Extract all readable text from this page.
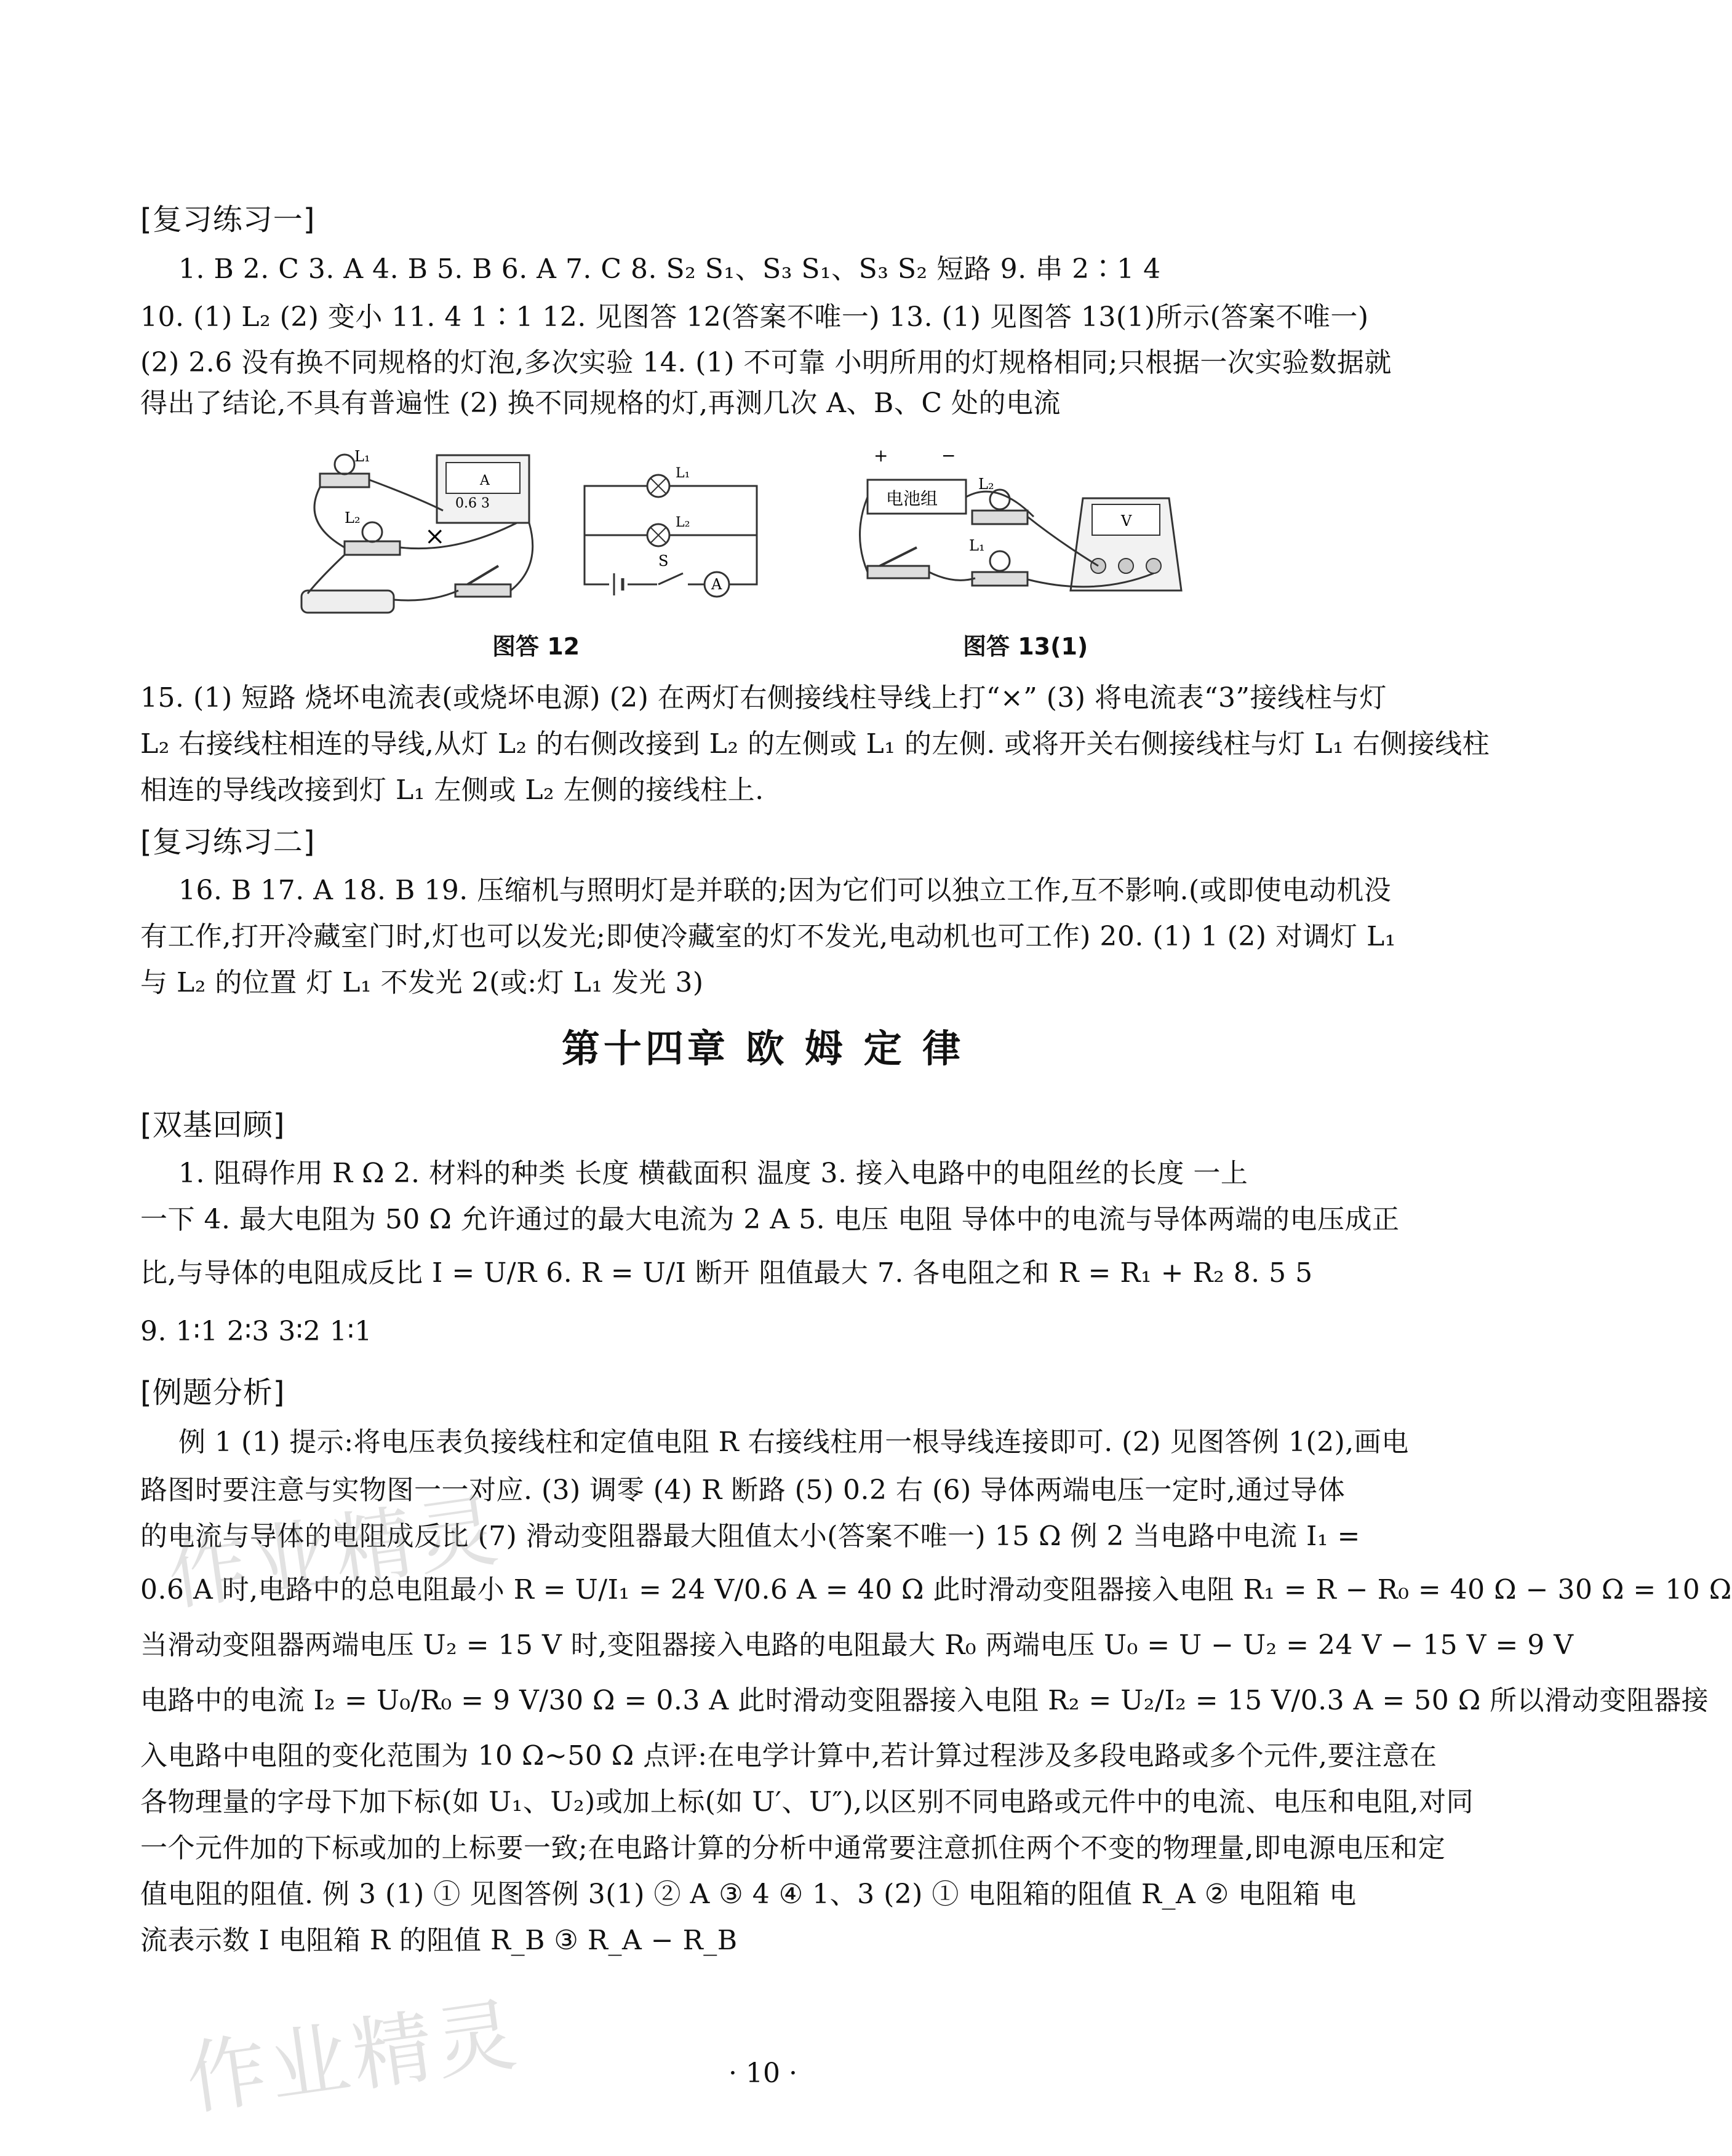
[复习练习一]
1. B 2. C 3. A 4. B 5. B 6. A 7. C 8. S₂ S₁、S₃ S₁、S₃ S₂ 短路 9. 串 2∶1 4
10. (1) L₂ (2) 变小 11. 4 1∶1 12. 见图答 12(答案不唯一) 13. (1) 见图答 13(1)所示(答案不唯一)
(2) 2.6 没有换不同规格的灯泡,多次实验 14. (1) 不可靠 小明所用的灯规格相同;只根据一次实验数据就
得出了结论,不具有普遍性 (2) 换不同规格的灯,再测几次 A、B、C 处的电流
L₁
L₂
A
0.6 3
×
L₁
L₂
S
A
图答 12
+	−
电池组
L₂
L₁
V
图答 13(1)
15. (1) 短路 烧坏电流表(或烧坏电源) (2) 在两灯右侧接线柱导线上打“×” (3) 将电流表“3”接线柱与灯
L₂ 右接线柱相连的导线,从灯 L₂ 的右侧改接到 L₂ 的左侧或 L₁ 的左侧. 或将开关右侧接线柱与灯 L₁ 右侧接线柱
相连的导线改接到灯 L₁ 左侧或 L₂ 左侧的接线柱上.
[复习练习二]
16. B 17. A 18. B 19. 压缩机与照明灯是并联的;因为它们可以独立工作,互不影响.(或即使电动机没
有工作,打开冷藏室门时,灯也可以发光;即使冷藏室的灯不发光,电动机也可工作) 20. (1) 1 (2) 对调灯 L₁
与 L₂ 的位置 灯 L₁ 不发光 2(或:灯 L₁ 发光 3)
第十四章 欧 姆 定 律
[双基回顾]
1. 阻碍作用 R Ω 2. 材料的种类 长度 横截面积 温度 3. 接入电路中的电阻丝的长度 一上
一下 4. 最大电阻为 50 Ω 允许通过的最大电流为 2 A 5. 电压 电阻 导体中的电流与导体两端的电压成正
比,与导体的电阻成反比 I = U/R 6. R = U/I 断开 阻值最大 7. 各电阻之和 R = R₁ + R₂ 8. 5 5
9. 1∶1 2∶3 3∶2 1∶1
[例题分析]
例 1 (1) 提示:将电压表负接线柱和定值电阻 R 右接线柱用一根导线连接即可. (2) 见图答例 1(2),画电
路图时要注意与实物图一一对应. (3) 调零 (4) R 断路 (5) 0.2 右 (6) 导体两端电压一定时,通过导体
的电流与导体的电阻成反比 (7) 滑动变阻器最大阻值太小(答案不唯一) 15 Ω 例 2 当电路中电流 I₁ =
0.6 A 时,电路中的总电阻最小 R = U/I₁ = 24 V/0.6 A = 40 Ω 此时滑动变阻器接入电阻 R₁ = R − R₀ = 40 Ω − 30 Ω = 10 Ω
当滑动变阻器两端电压 U₂ = 15 V 时,变阻器接入电路的电阻最大 R₀ 两端电压 U₀ = U − U₂ = 24 V − 15 V = 9 V
电路中的电流 I₂ = U₀/R₀ = 9 V/30 Ω = 0.3 A 此时滑动变阻器接入电阻 R₂ = U₂/I₂ = 15 V/0.3 A = 50 Ω 所以滑动变阻器接
入电路中电阻的变化范围为 10 Ω~50 Ω 点评:在电学计算中,若计算过程涉及多段电路或多个元件,要注意在
各物理量的字母下加下标(如 U₁、U₂)或加上标(如 U′、U″),以区别不同电路或元件中的电流、电压和电阻,对同
一个元件加的下标或加的上标要一致;在电路计算的分析中通常要注意抓住两个不变的物理量,即电源电压和定
值电阻的阻值. 例 3 (1) ① 见图答例 3(1) ② A ③ 4 ④ 1、3 (2) ① 电阻箱的阻值 R_A ② 电阻箱 电
流表示数 I 电阻箱 R 的阻值 R_B ③ R_A − R_B
作业精灵
作业精灵	· 10 ·
